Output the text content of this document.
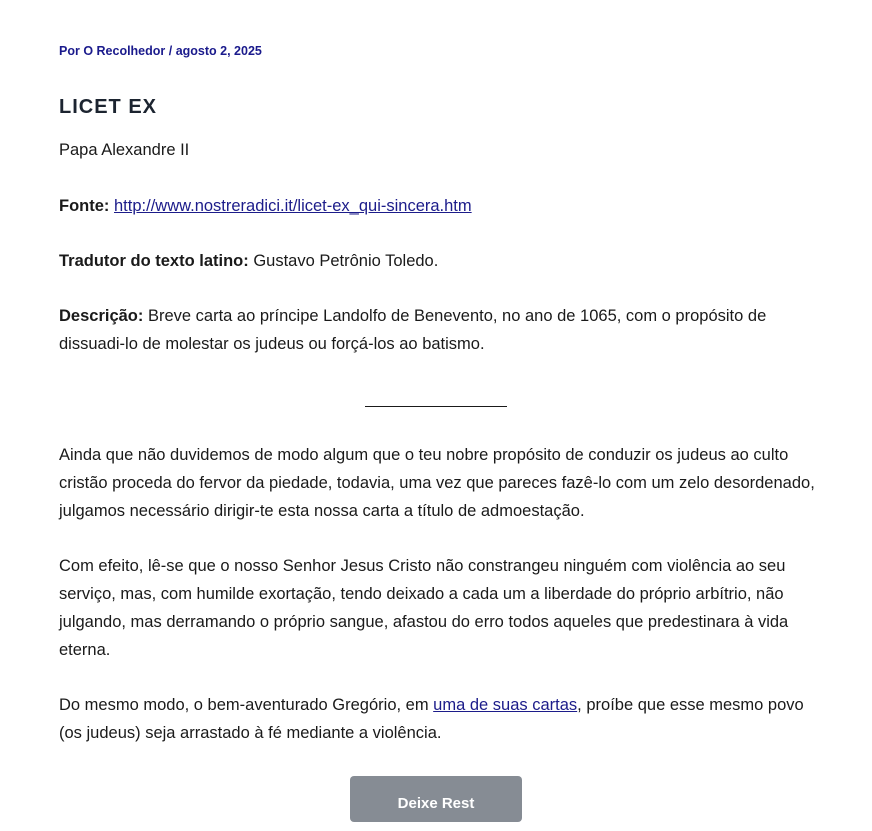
Por O Recolhedor / agosto 2, 2025
LICET EX

Papa Alexandre II

Fonte: http://www.nostreradici.it/licet-ex_qui-sincera.htm

Tradutor do texto latino: Gustavo Petrônio Toledo.

Descrição: Breve carta ao príncipe Landolfo de Benevento, no ano de 1065, com o propósito de dissuadi-lo de molestar os judeus ou forçá-los ao batismo.

Ainda que não duvidemos de modo algum que o teu nobre propósito de conduzir os judeus ao culto cristão proceda do fervor da piedade, todavia, uma vez que pareces fazê-lo com um zelo desordenado, julgamos necessário dirigir-te esta nossa carta a título de admoestação.

Com efeito, lê-se que o nosso Senhor Jesus Cristo não constrangeu ninguém com violência ao seu serviço, mas, com humilde exortação, tendo deixado a cada um a liberdade do próprio arbítrio, não julgando, mas derramando o próprio sangue, afastou do erro todos aqueles que predestinara à vida eterna.

Do mesmo modo, o bem-aventurado Gregório, em uma de suas cartas, proíbe que esse mesmo povo (os judeus) seja arrastado à fé mediante a violência.

Deixe Rest
